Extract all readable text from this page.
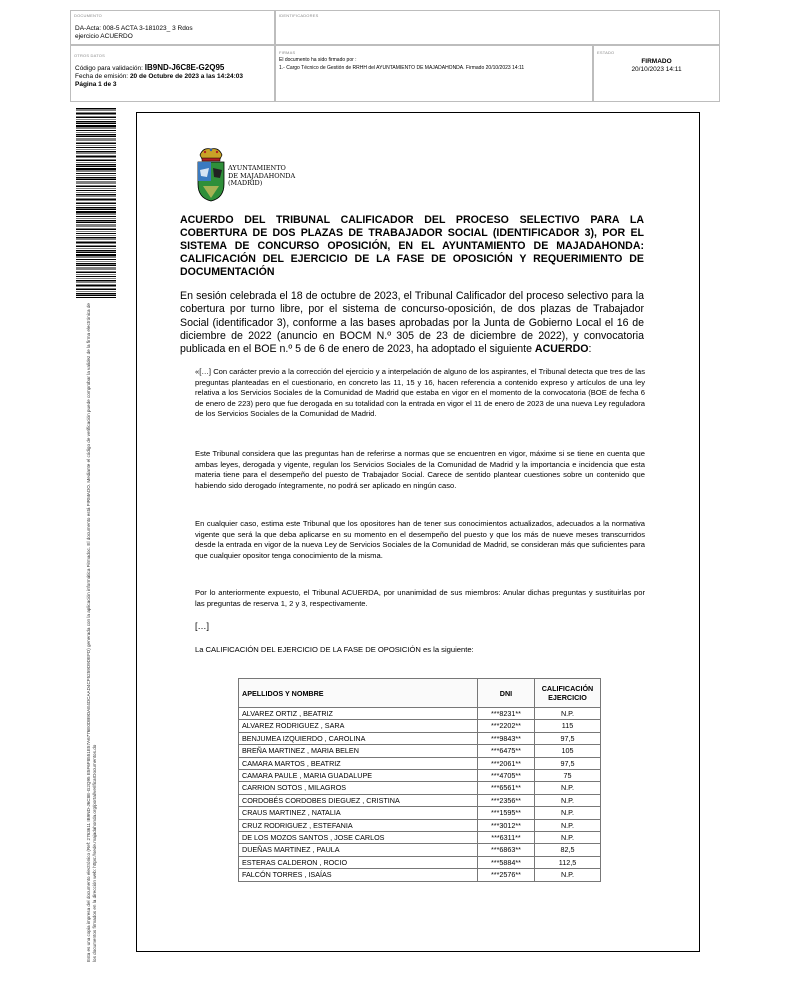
DOCUMENTO
DA-Acta: 008-5 ACTA 3-181023_ 3 Rdos ejercicio ACUERDO
IDENTIFICADORES
OTROS DATOS
Código para validación: IB9ND-J6C8E-G2Q95
Fecha de emisión: 20 de Octubre de 2023 a las 14:24:03
Página 1 de 3
FIRMAS
El documento ha sido firmado por :
1.- Cargo Técnico de Gestión de RRHH del AYUNTAMIENTO DE MAJADAHONDA. Firmado 20/10/2023 14:11
ESTADO
FIRMADO
20/10/2023 14:11
Esta es una copia impresa del documento electrónico (Ref: 2763611 IB9ND-J6C8E-G2Q95 E5F6F8551E57A6776E0DB9DAE4DCAAD4CF5259D9DEFD) generada con la aplicación informática Firmadoc. El documento está FIRMADO. Mediante el código de verificación puede comprobar la validez de la firma electrónica de los documentos firmados en la dirección web: https://sede.majadahonda.org/portal/verificarDocumentos.do
AYUNTAMIENTO
DE MAJADAHONDA
(MADRID)
ACUERDO DEL TRIBUNAL CALIFICADOR DEL PROCESO SELECTIVO PARA LA COBERTURA DE DOS PLAZAS DE TRABAJADOR SOCIAL (IDENTIFICADOR 3), POR EL SISTEMA DE CONCURSO OPOSICIÓN, EN EL AYUNTAMIENTO DE MAJADAHONDA: CALIFICACIÓN DEL EJERCICIO DE LA FASE DE OPOSICIÓN Y REQUERIMIENTO DE DOCUMENTACIÓN
En sesión celebrada el 18 de octubre de 2023, el Tribunal Calificador del proceso selectivo para la cobertura por turno libre, por el sistema de concurso-oposición, de dos plazas de Trabajador Social (identificador 3), conforme a las bases aprobadas por la Junta de Gobierno Local el 16 de diciembre de 2022 (anuncio en BOCM N.º 305 de 23 de diciembre de 2022), y convocatoria publicada en el BOE n.º 5 de 6 de enero de 2023, ha adoptado el siguiente ACUERDO:
«[…] Con carácter previo a la corrección del ejercicio y a interpelación de alguno de los aspirantes, el Tribunal detecta que tres de las preguntas planteadas en el cuestionario, en concreto las 11, 15 y 16, hacen referencia a contenido expreso y artículos de una ley relativa a los Servicios Sociales de la Comunidad de Madrid que estaba en vigor en el momento de la convocatoria (BOE de fecha 6 de enero de 223) pero que fue derogada en su totalidad con la entrada en vigor el 11 de enero de 2023 de una nueva Ley reguladora de los Servicios Sociales de la Comunidad de Madrid.
Este Tribunal considera que las preguntas han de referirse a normas que se encuentren en vigor, máxime si se tiene en cuenta que ambas leyes, derogada y vigente, regulan los Servicios Sociales de la Comunidad de Madrid y la importancia e incidencia que esta materia tiene para el desempeño del puesto de Trabajador Social. Carece de sentido plantear cuestiones sobre un contenido que habiendo sido derogado íntegramente, no podrá ser aplicado en ningún caso.
En cualquier caso, estima este Tribunal que los opositores han de tener sus conocimientos actualizados, adecuados a la normativa vigente que será la que deba aplicarse en su momento en el desempeño del puesto y que los más de nueve meses transcurridos desde la entrada en vigor de la nueva Ley de Servicios Sociales de la Comunidad de Madrid, se consideran más que suficientes para que cualquier opositor tenga conocimiento de la misma.
Por lo anteriormente expuesto, el Tribunal ACUERDA, por unanimidad de sus miembros: Anular dichas preguntas y sustituirlas por las preguntas de reserva 1, 2 y 3, respectivamente.
[…]
La CALIFICACIÓN DEL EJERCICIO DE LA FASE DE OPOSICIÓN es la siguiente:
APELLIDOS Y NOMBRE	DNI	CALIFICACIÓN EJERCICIO
ALVAREZ ORTIZ , BEATRIZ	***8231**	N.P.
ALVAREZ RODRIGUEZ , SARA	***2202**	115
BENJUMEA IZQUIERDO , CAROLINA	***9843**	97,5
BREÑA MARTINEZ , MARIA BELEN	***6475**	105
CAMARA MARTOS , BEATRIZ	***2061**	97,5
CAMARA PAULE , MARIA GUADALUPE	***4705**	75
CARRION SOTOS , MILAGROS	***6561**	N.P.
CORDOBÉS CORDOBES DIEGUEZ , CRISTINA	***2356**	N.P.
CRAUS MARTINEZ , NATALIA	***1595**	N.P.
CRUZ RODRIGUEZ , ESTEFANIA	***3012**	N.P.
DE LOS MOZOS SANTOS , JOSE CARLOS	***6311**	N.P.
DUEÑAS MARTINEZ , PAULA	***6863**	82,5
ESTERAS CALDERON , ROCIO	***5884**	112,5
FALCÓN TORRES , ISAÍAS	***2576**	N.P.
